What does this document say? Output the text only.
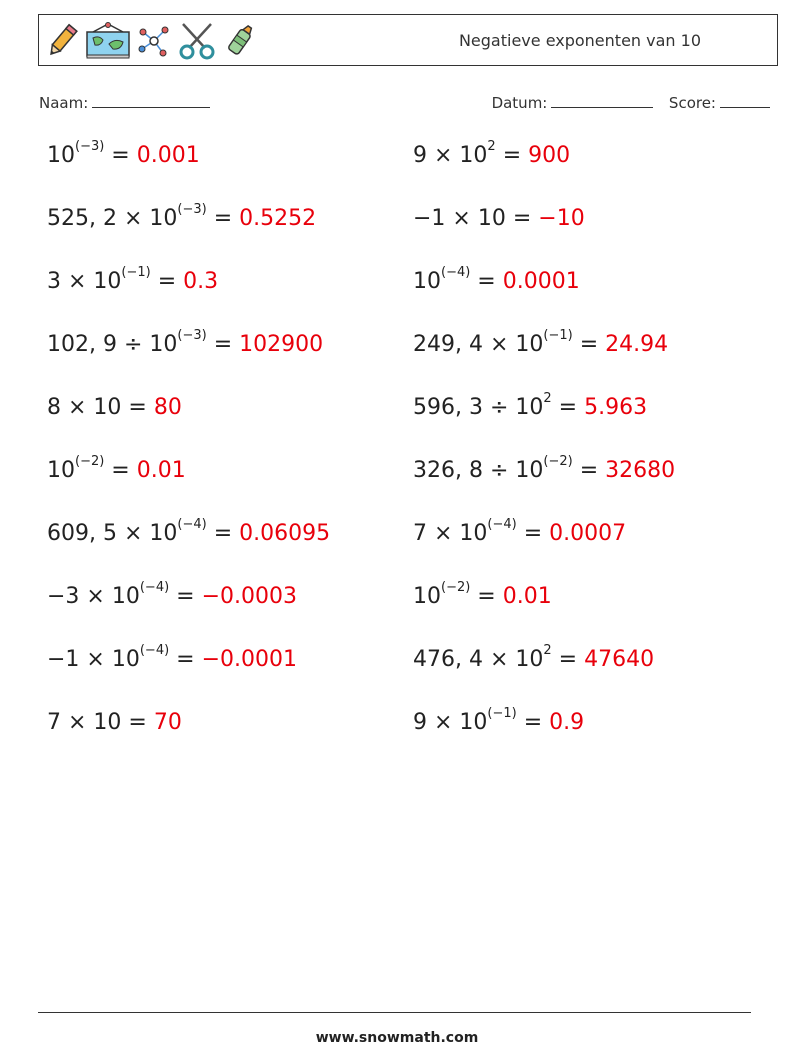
Negatieve exponenten van 10
Naam:	Datum:	Score:
$10^{(-3)} = 0.001$
525, $2 \times 10^{(-3)} = 0.5252$
$3 \times 10^{(-1)} = 0.3$
102, $9 \div 10^{(-3)} = 102900$
8 × 10 = 80
$10^{(-2)} = 0.01$
609, $5 \times 10^{(-4)} = 0.06095$
$-3 \times 10^{(-4)} = -0.0003$
$-1 \times 10^{(-4)} = -0.0001$
7 × 10 = 70
$9 \times 10^2 = 900$
−1 × 10 = −10
$10^{(-4)} = 0.0001$
249, $4 \times 10^{(-1)} = 24.94$
596, $3 \div 10^2 = 5.963$
326, $8 \div 10^{(-2)} = 32680$
$7 \times 10^{(-4)} = 0.0007$
$10^{(-2)} = 0.01$
476, $4 \times 10^2 = 47640$
$9 \times 10^{(-1)} = 0.9$
www.snowmath.com
